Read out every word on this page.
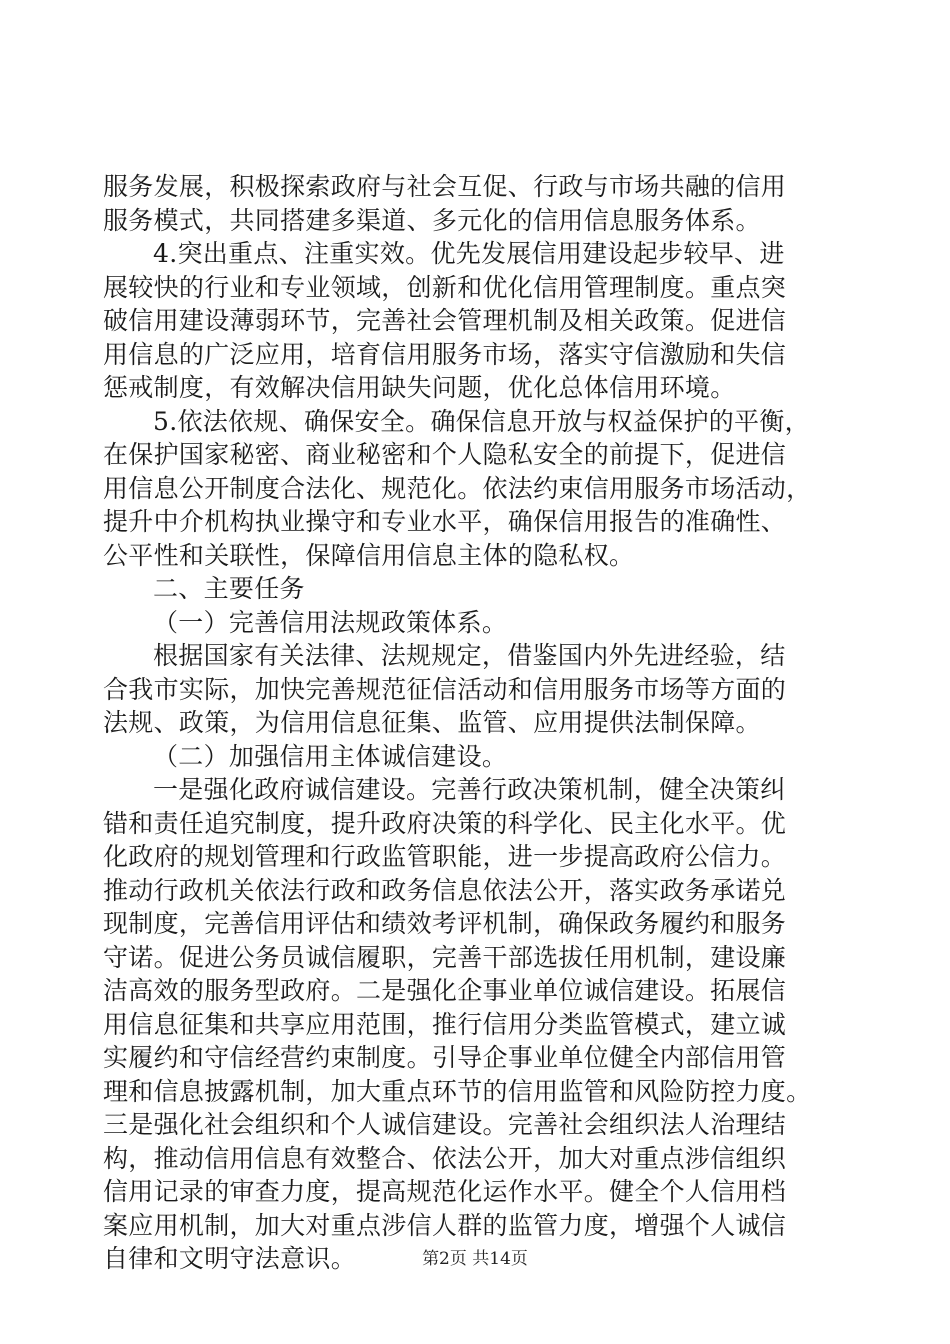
服务发展，积极探索政府与社会互促、行政与市场共融的信用
服务模式，共同搭建多渠道、多元化的信用信息服务体系。
4.突出重点、注重实效。优先发展信用建设起步较早、进
展较快的行业和专业领域，创新和优化信用管理制度。重点突
破信用建设薄弱环节，完善社会管理机制及相关政策。促进信
用信息的广泛应用，培育信用服务市场，落实守信激励和失信
惩戒制度，有效解决信用缺失问题，优化总体信用环境。
5.依法依规、确保安全。确保信息开放与权益保护的平衡，
在保护国家秘密、商业秘密和个人隐私安全的前提下，促进信
用信息公开制度合法化、规范化。依法约束信用服务市场活动，
提升中介机构执业操守和专业水平，确保信用报告的准确性、
公平性和关联性，保障信用信息主体的隐私权。
二、主要任务
（一）完善信用法规政策体系。
根据国家有关法律、法规规定，借鉴国内外先进经验，结
合我市实际，加快完善规范征信活动和信用服务市场等方面的
法规、政策，为信用信息征集、监管、应用提供法制保障。
（二）加强信用主体诚信建设。
一是强化政府诚信建设。完善行政决策机制，健全决策纠
错和责任追究制度，提升政府决策的科学化、民主化水平。优
化政府的规划管理和行政监管职能，进一步提高政府公信力。
推动行政机关依法行政和政务信息依法公开，落实政务承诺兑
现制度，完善信用评估和绩效考评机制，确保政务履约和服务
守诺。促进公务员诚信履职，完善干部选拔任用机制，建设廉
洁高效的服务型政府。二是强化企事业单位诚信建设。拓展信
用信息征集和共享应用范围，推行信用分类监管模式，建立诚
实履约和守信经营约束制度。引导企事业单位健全内部信用管
理和信息披露机制，加大重点环节的信用监管和风险防控力度。
三是强化社会组织和个人诚信建设。完善社会组织法人治理结
构，推动信用信息有效整合、依法公开，加大对重点涉信组织
信用记录的审查力度，提高规范化运作水平。健全个人信用档
案应用机制，加大对重点涉信人群的监管力度，增强个人诚信
自律和文明守法意识。	第2页 共14页
